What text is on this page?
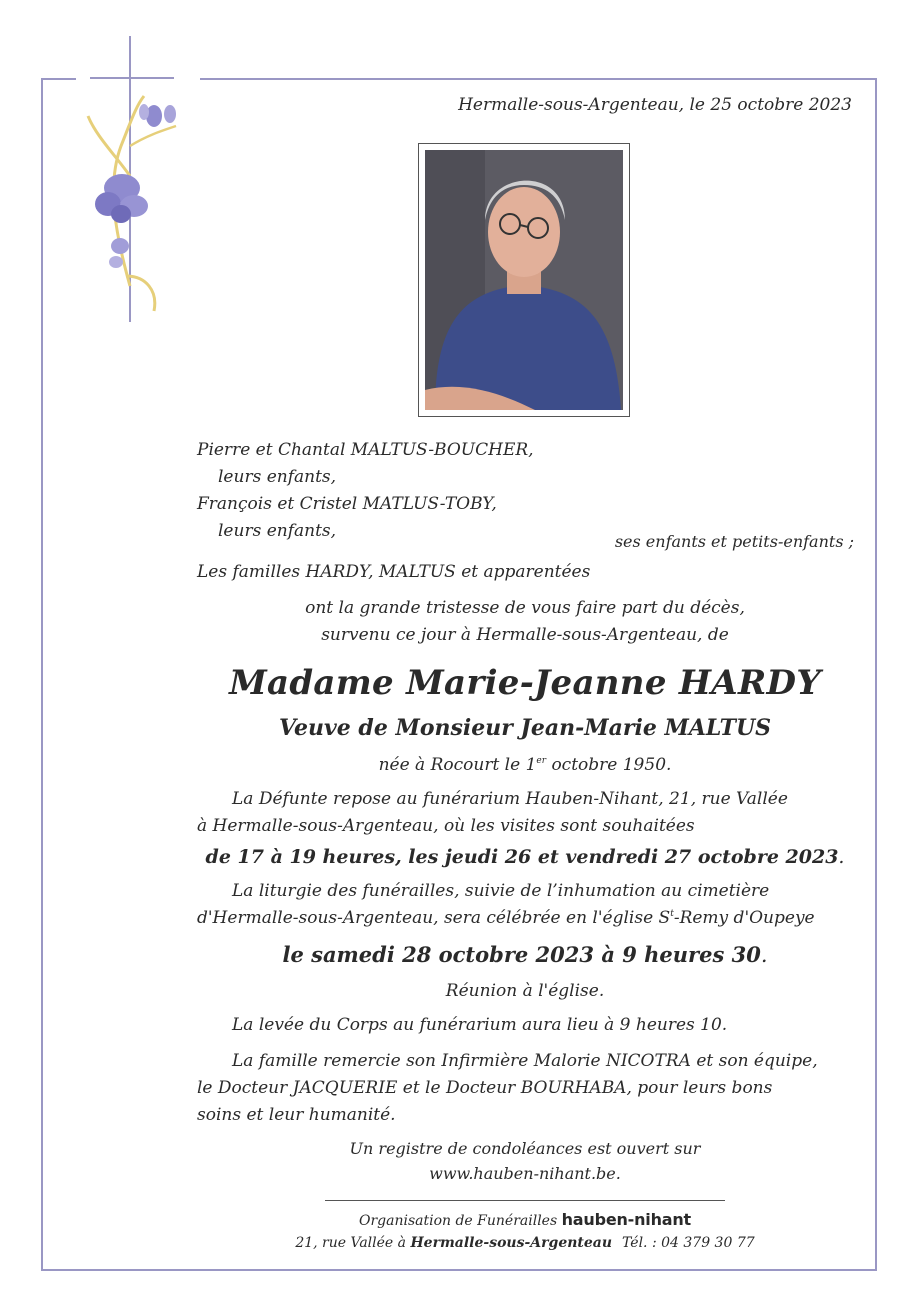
Hermalle-sous-Argenteau, le 25 octobre 2023
Pierre et Chantal MALTUS-BOUCHER,
leurs enfants,
François et Cristel MATLUS-TOBY,
leurs enfants,
ses enfants et petits-enfants ;
Les familles HARDY, MALTUS et apparentées
ont la grande tristesse de vous faire part du décès,
survenu ce jour à Hermalle-sous-Argenteau, de
Madame Marie-Jeanne HARDY
Veuve de Monsieur Jean-Marie MALTUS
née à Rocourt le 1er octobre 1950.
La Défunte repose au funérarium Hauben-Nihant, 21, rue Vallée
à Hermalle-sous-Argenteau, où les visites sont souhaitées
de 17 à 19 heures, les jeudi 26 et vendredi 27 octobre 2023.
La liturgie des funérailles, suivie de l’inhumation au cimetière
d'Hermalle-sous-Argenteau, sera célébrée en l'église $S^t$-Remy d'Oupeye
le samedi 28 octobre 2023 à 9 heures 30.
Réunion à l'église.
La levée du Corps au funérarium aura lieu à 9 heures 10.
La famille remercie son Infirmière Malorie NICOTRA et son équipe,
le Docteur JACQUERIE et le Docteur BOURHABA, pour leurs bons
soins et leur humanité.
Un registre de condoléances est ouvert sur
www.hauben-nihant.be.
Organisation de Funérailles hauben-nihant
21, rue Vallée à Hermalle-sous-Argenteau Tél. : 04 379 30 77
